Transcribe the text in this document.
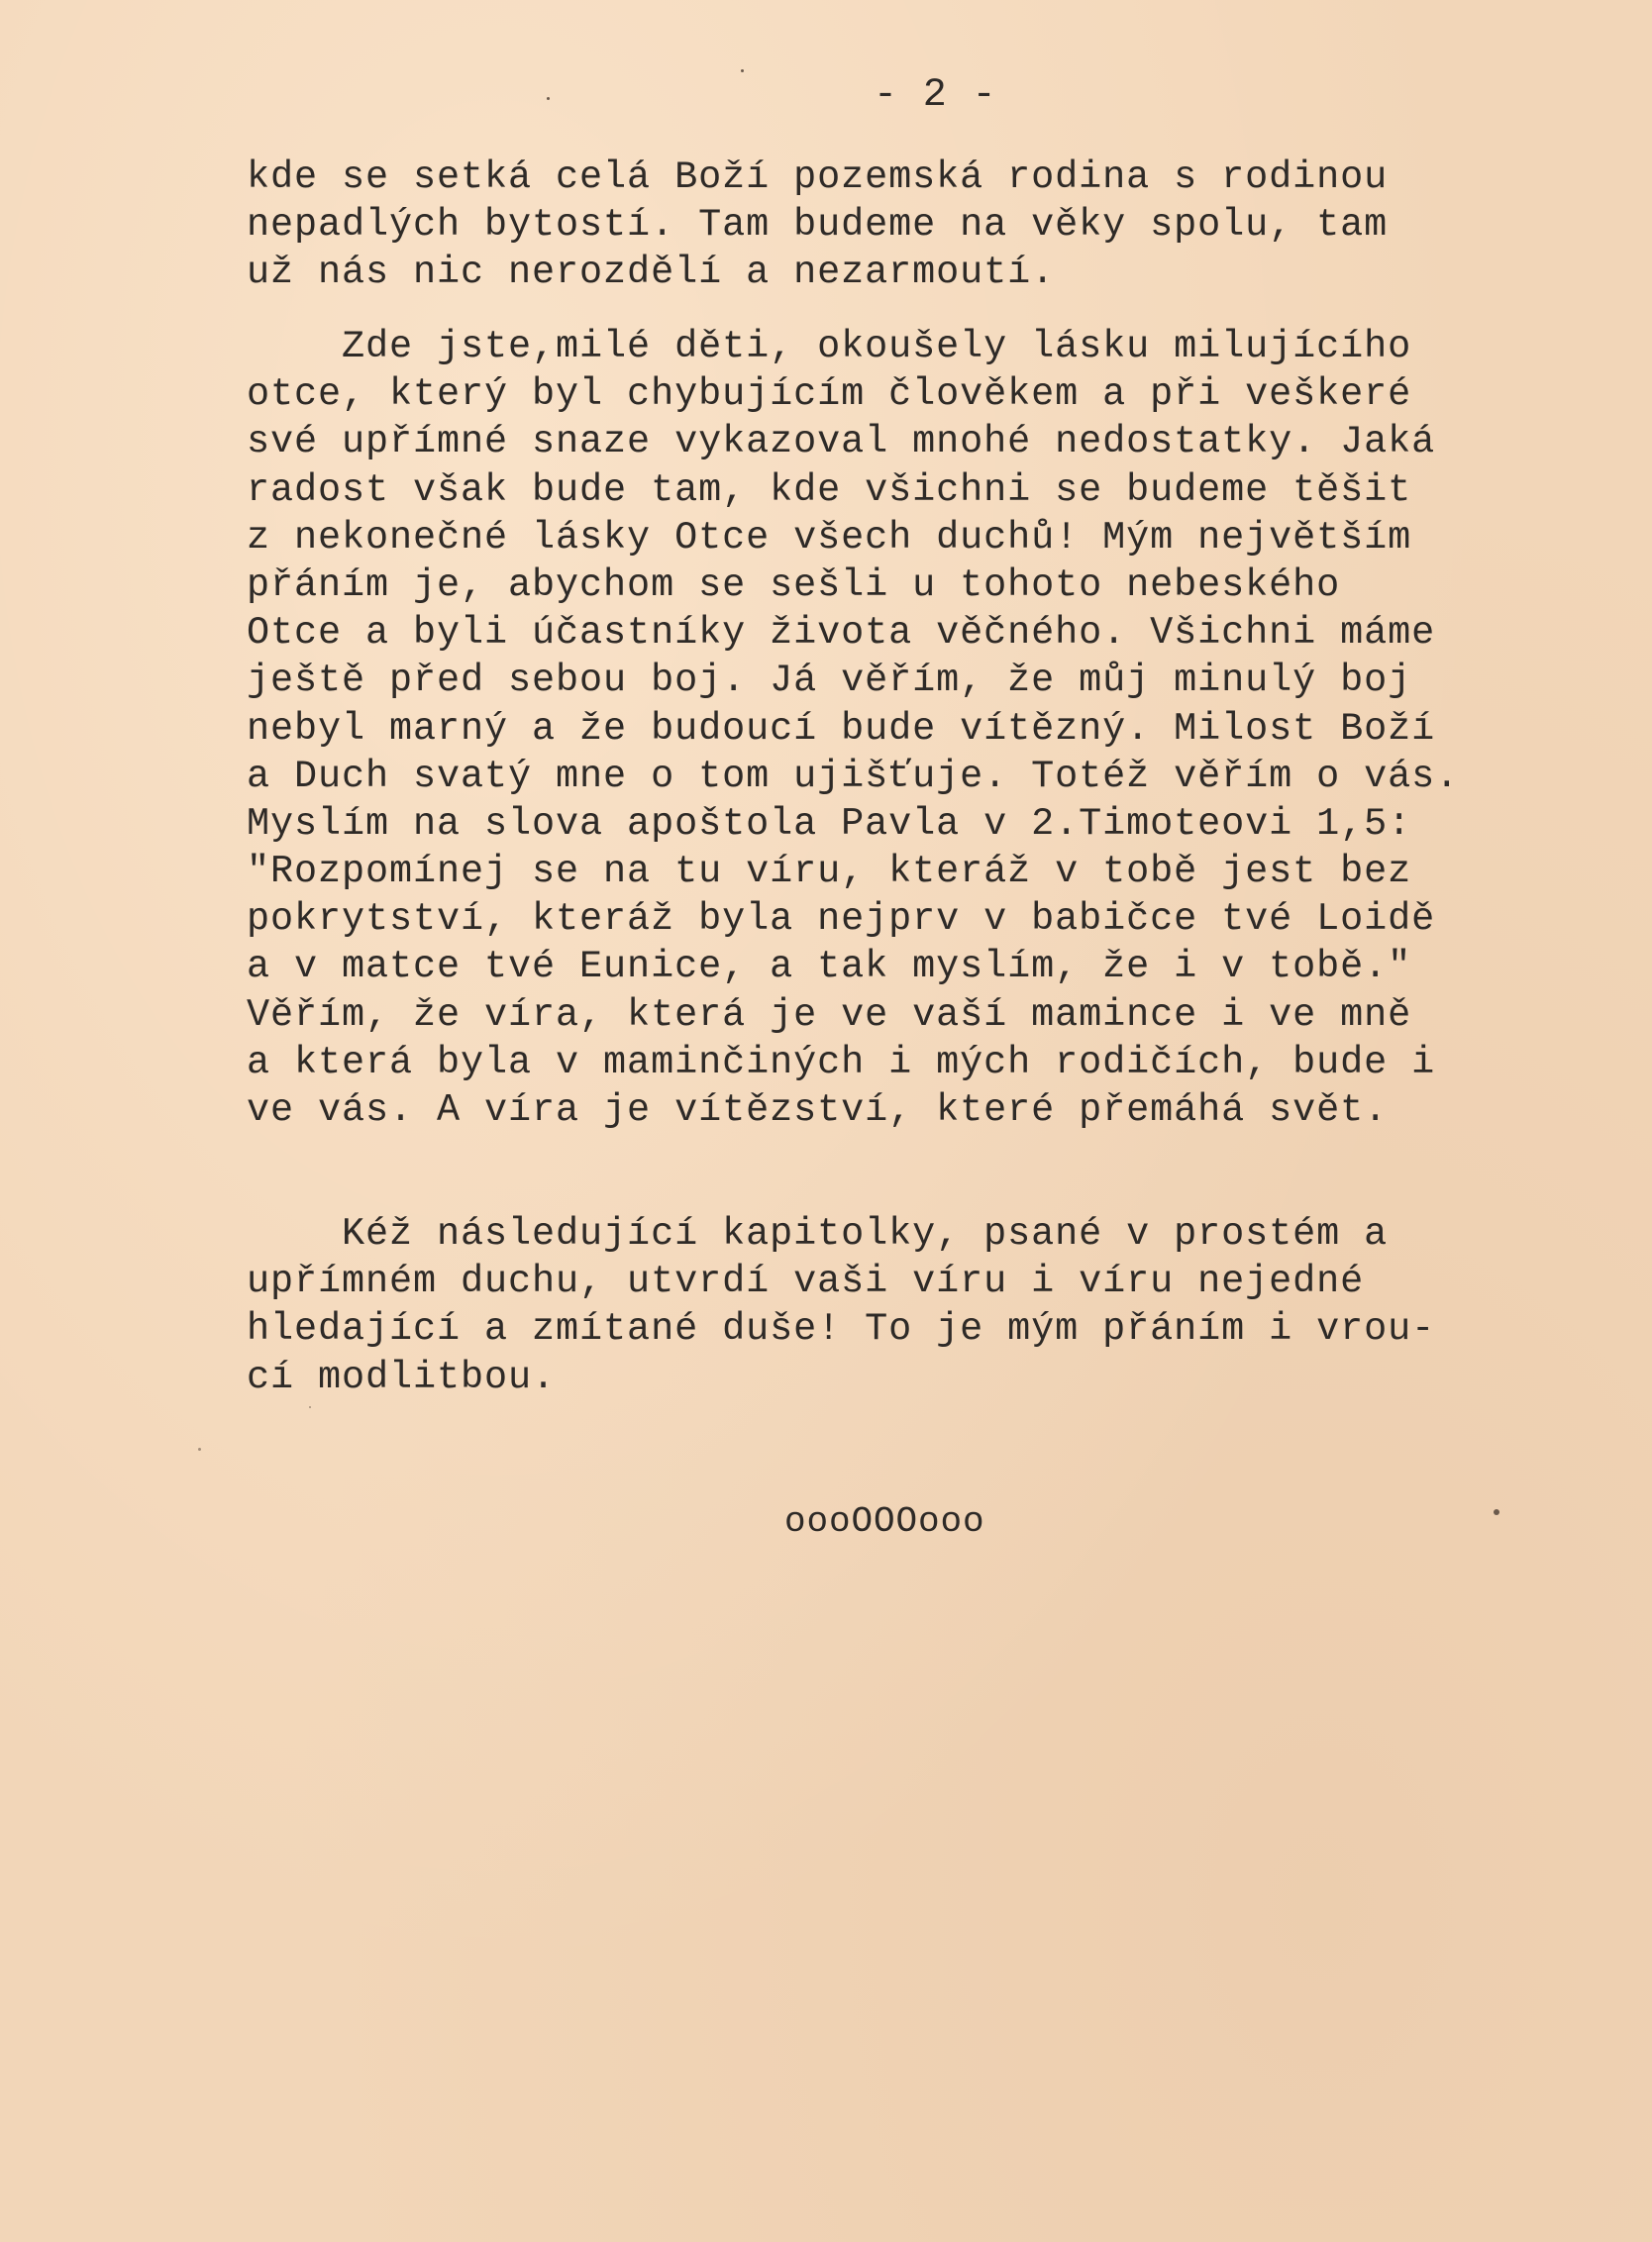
- 2 -
kde se setká celá Boží pozemská rodina s rodinou
nepadlých bytostí. Tam budeme na věky spolu, tam
už nás nic nerozdělí a nezarmoutí.
Zde jste,milé děti, okoušely lásku milujícího
otce, který byl chybujícím člověkem a při veškeré
své upřímné snaze vykazoval mnohé nedostatky. Jaká
radost však bude tam, kde všichni se budeme těšit
z nekonečné lásky Otce všech duchů! Mým největším
přáním je, abychom se sešli u tohoto nebeského
Otce a byli účastníky života věčného. Všichni máme
ještě před sebou boj. Já věřím, že můj minulý boj
nebyl marný a že budoucí bude vítězný. Milost Boží
a Duch svatý mne o tom ujišťuje. Totéž věřím o vás.
Myslím na slova apoštola Pavla v 2.Timoteovi 1,5:
"Rozpomínej se na tu víru, kteráž v tobě jest bez
pokrytství, kteráž byla nejprv v babičce tvé Loidě
a v matce tvé Eunice, a tak myslím, že i v tobě."
Věřím, že víra, která je ve vaší mamince i ve mně
a která byla v maminčiných i mých rodičích, bude i
ve vás. A víra je vítězství, které přemáhá svět.
Kéž následující kapitolky, psané v prostém a
upřímném duchu, utvrdí vaši víru i víru nejedné
hledající a zmítané duše! To je mým přáním i vrou-
cí modlitbou.
oooOOOooo
